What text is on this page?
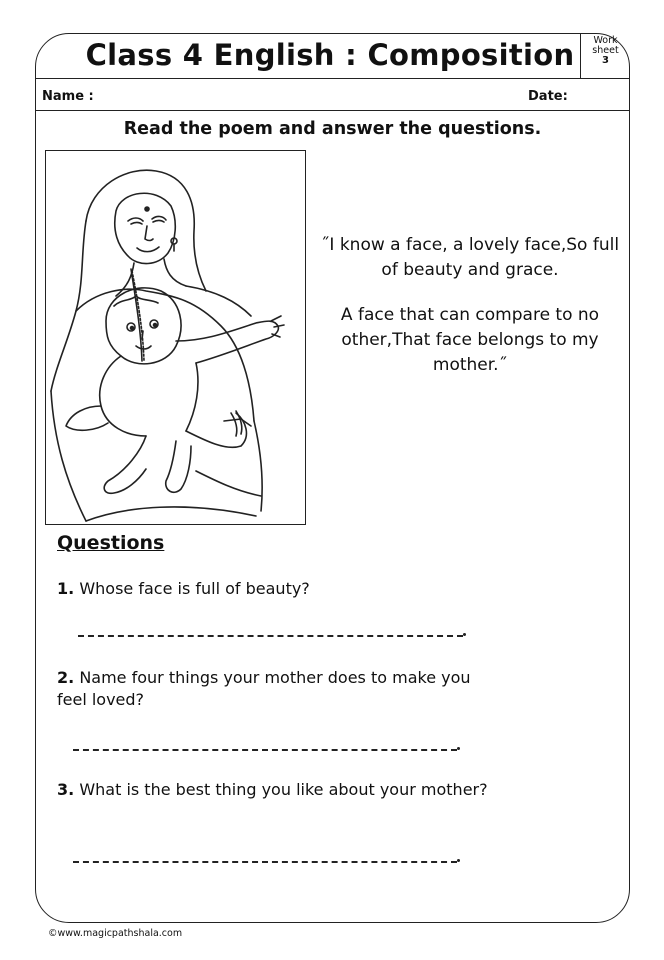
Class 4 English : Composition	Work
sheet
3
Name :	Date:
Read the poem and answer the questions.

˝I know a face, a lovely face,So full of beauty and grace.

A face that can compare to no other,That face belongs to my mother.˝

Questions
1. Whose face is full of beauty?
2. Name four things your mother does to make you feel loved?
3. What is the best thing you like about your mother?
©www.magicpathshala.com
